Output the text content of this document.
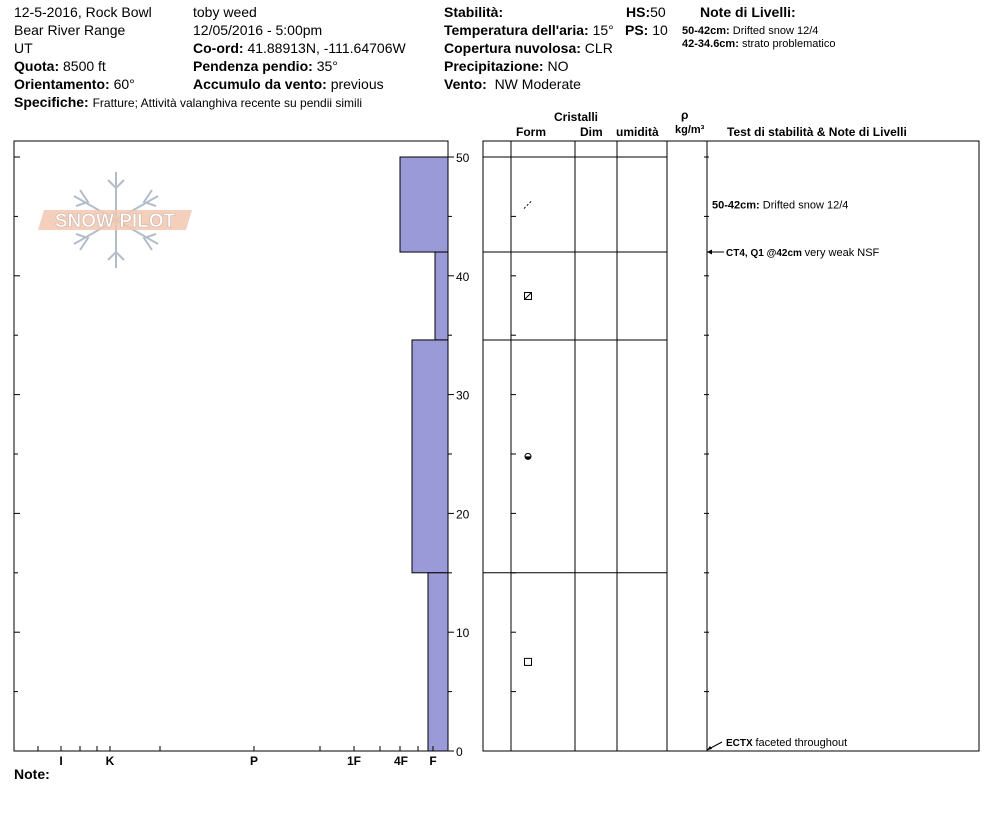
0
10
20
30
40
50
I	K	P	1F	4F F
50-42cm: Drifted snow 12/4
CT4, Q1 @42cm very weak NSF
ECTX faceted throughout
SNOW PILOT
12-5-2016, Rock Bowl
Bear River Range
UT
Quota: 8500 ft
Orientamento: 60°
Specifiche: Fratture; Attività valanghiva recente su pendii simili
toby weed
12/05/2016 - 5:00pm
Co-ord: 41.88913N, -111.64706W
Pendenza pendio: 35°
Accumulo da vento: previous
Stabilità:
Temperatura dell'aria: 15°
Copertura nuvolosa: CLR
Precipitazione: NO
Vento: NW Moderate
HS:50
PS: 10
Note di Livelli:
50-42cm: Drifted snow 12/4
42-34.6cm: strato problematico
Cristalli
Form	Dim umidità
ρ
kg/m³ Test di stabilità & Note di Livelli
Note:
